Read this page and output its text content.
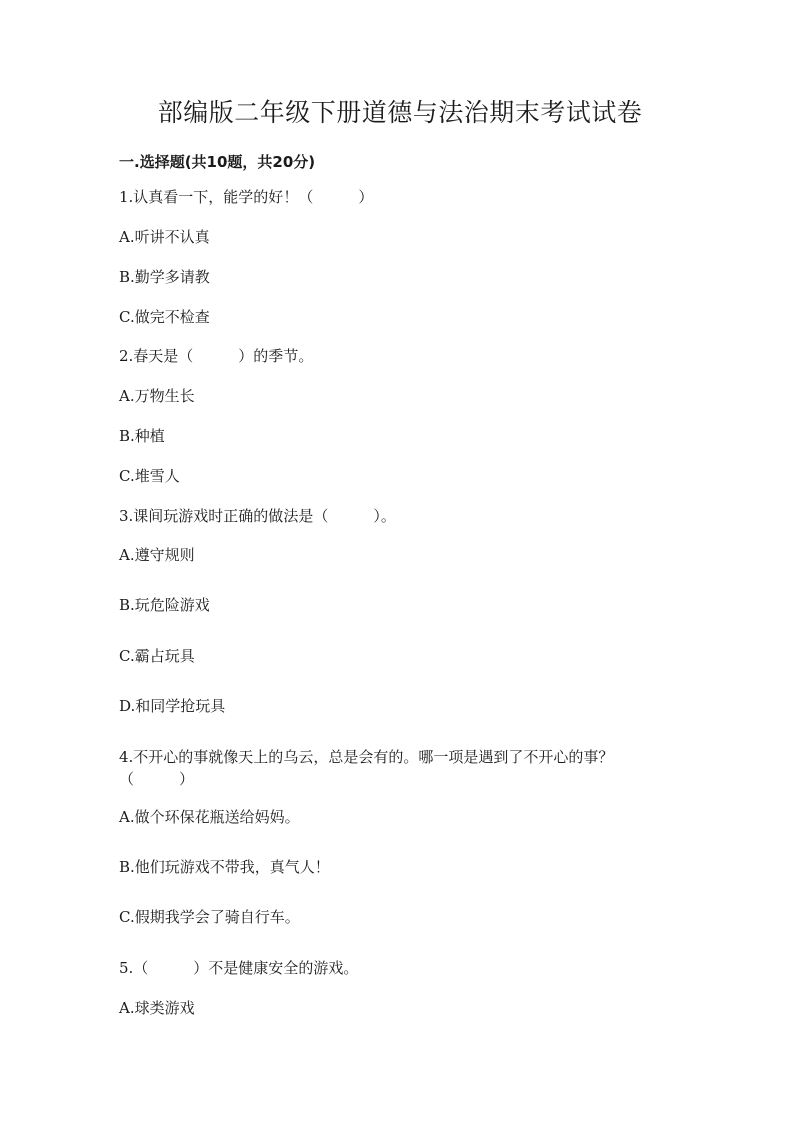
部编版二年级下册道德与法治期末考试试卷
一.选择题(共10题，共20分)
1.认真看一下，能学的好！（　　　）
A.听讲不认真
B.勤学多请教
C.做完不检查
2.春天是（　　　）的季节。
A.万物生长
B.种植
C.堆雪人
3.课间玩游戏时正确的做法是（　　　）。
A.遵守规则
B.玩危险游戏
C.霸占玩具
D.和同学抢玩具
4.不开心的事就像天上的乌云，总是会有的。哪一项是遇到了不开心的事？（　　　）
A.做个环保花瓶送给妈妈。
B.他们玩游戏不带我，真气人！
C.假期我学会了骑自行车。
5.（　　　）不是健康安全的游戏。
A.球类游戏
